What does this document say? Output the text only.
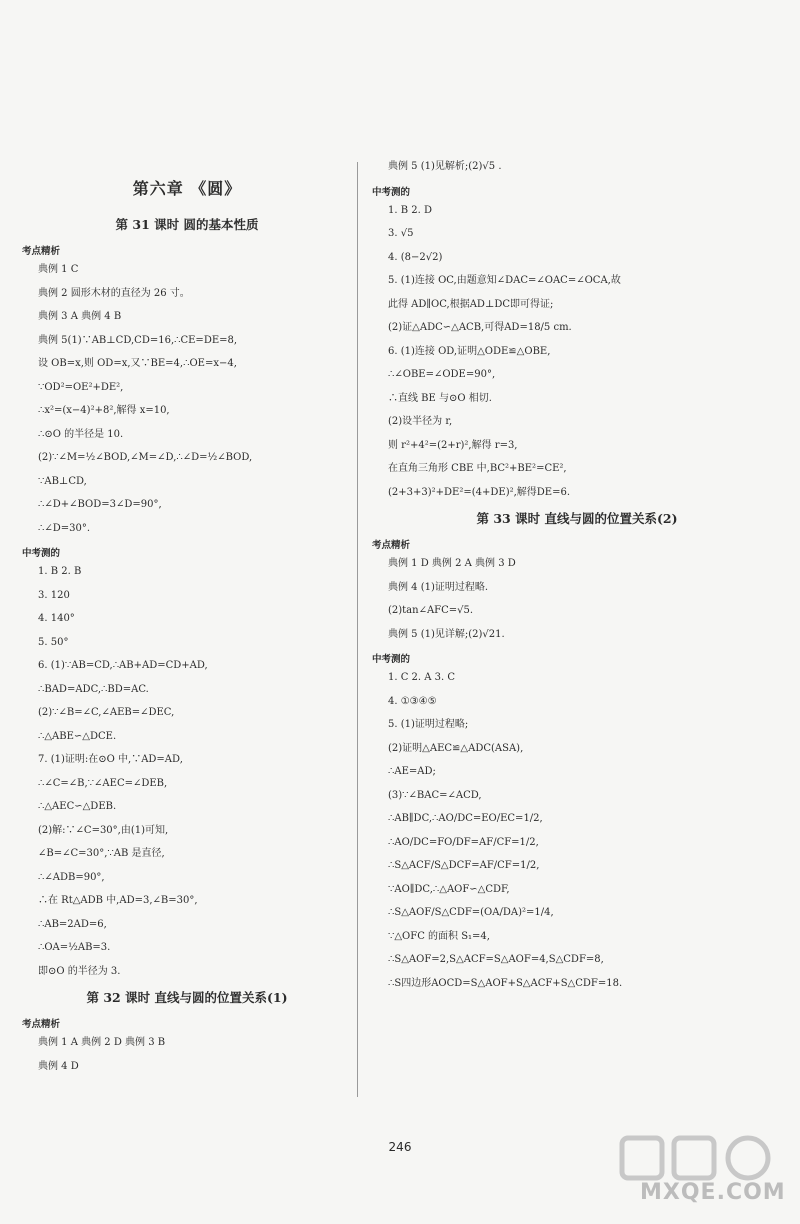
第六章 《圆》
第 31 课时 圆的基本性质
考点精析
典例 1 C
典例 2 圆形木材的直径为 26 寸。
典例 3 A 典例 4 B
典例 5(1)∵AB⊥CD,CD=16,∴CE=DE=8,
设 OB=x,则 OD=x,又∵BE=4,∴OE=x−4,
∵OD²=OE²+DE²,
∴x²=(x−4)²+8²,解得 x=10,
∴⊙O 的半径是 10.
(2)∵∠M=½∠BOD,∠M=∠D,∴∠D=½∠BOD,
∵AB⊥CD,
∴∠D+∠BOD=3∠D=90°,
∴∠D=30°.
中考测的
1. B 2. B
3. 120
4. 140°
5. 50°
6. (1)∵AB=CD,∴AB+AD=CD+AD,
∴BAD=ADC,∴BD=AC.
(2)∵∠B=∠C,∠AEB=∠DEC,
∴△ABE∽△DCE.
7. (1)证明:在⊙O 中,∵AD=AD,
∴∠C=∠B,∵∠AEC=∠DEB,
∴△AEC∽△DEB.
(2)解:∵∠C=30°,由(1)可知,
∠B=∠C=30°,∵AB 是直径,
∴∠ADB=90°,
∴在 Rt△ADB 中,AD=3,∠B=30°,
∴AB=2AD=6,
∴OA=½AB=3.
即⊙O 的半径为 3.
第 32 课时 直线与圆的位置关系(1)
考点精析
典例 1 A 典例 2 D 典例 3 B
典例 4 D
典例 5 (1)见解析;(2)√5 .
中考测的
1. B 2. D
3. √5
4. (8−2√2)
5. (1)连接 OC,由题意知∠DAC=∠OAC=∠OCA,故
此得 AD∥OC,根据AD⊥DC即可得证;
(2)证△ADC∽△ACB,可得AD=18/5 cm.
6. (1)连接 OD,证明△ODE≌△OBE,
∴∠OBE=∠ODE=90°,
∴直线 BE 与⊙O 相切.
(2)设半径为 r,
则 r²+4²=(2+r)²,解得 r=3,
在直角三角形 CBE 中,BC²+BE²=CE²,
(2+3+3)²+DE²=(4+DE)²,解得DE=6.
第 33 课时 直线与圆的位置关系(2)
考点精析
典例 1 D 典例 2 A 典例 3 D
典例 4 (1)证明过程略.
(2)tan∠AFC=√5.
典例 5 (1)见详解;(2)√21.
中考测的
1. C 2. A 3. C
4. ①③④⑤
5. (1)证明过程略;
(2)证明△AEC≌△ADC(ASA),
∴AE=AD;
(3)∵∠BAC=∠ACD,
∴AB∥DC,∴AO/DC=EO/EC=1/2,
∴AO/DC=FO/DF=AF/CF=1/2,
∴S△ACF/S△DCF=AF/CF=1/2,
∵AO∥DC,∴△AOF∽△CDF,
∴S△AOF/S△CDF=(OA/DA)²=1/4,
∵△OFC 的面积 S₁=4,
∴S△AOF=2,S△ACF=S△AOF=4,S△CDF=8,
∴S四边形AOCD=S△AOF+S△ACF+S△CDF=18.
246
MXQE.COM
